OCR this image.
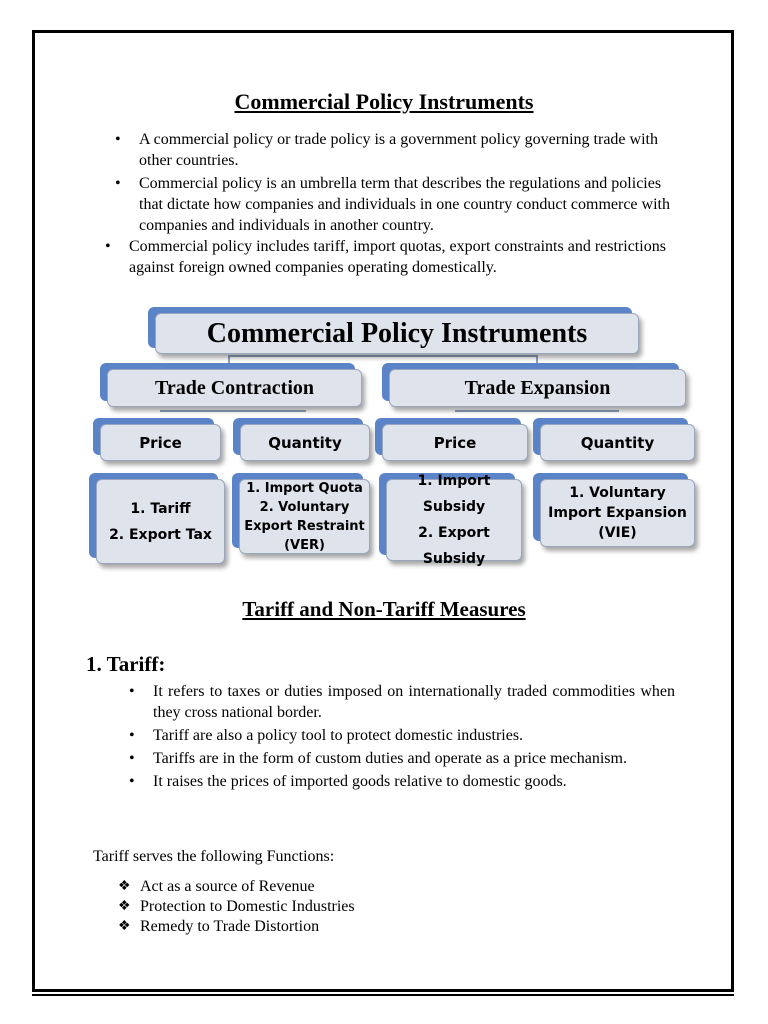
Commercial Policy Instruments
• A commercial policy or trade policy is a government policy governing trade with other countries.
• Commercial policy is an umbrella term that describes the regulations and policies that dictate how companies and individuals in one country conduct commerce with companies and individuals in another country.
• Commercial policy includes tariff, import quotas, export constraints and restrictions against foreign owned companies operating domestically.
Commercial Policy Instruments
Trade Contraction	Trade Expansion
Price	Quantity	Price	Quantity
1. Tariff
2. Export Tax
1. Import Quota
2. Voluntary
Export Restraint
(VER)
1. Import Subsidy
2. Export Subsidy
1. Voluntary
Import Expansion
(VIE)
Tariff and Non-Tariff Measures
1. Tariff:
• It refers to taxes or duties imposed on internationally traded commodities when they cross national border.
• Tariff are also a policy tool to protect domestic industries.
• Tariffs are in the form of custom duties and operate as a price mechanism.
• It raises the prices of imported goods relative to domestic goods.
Tariff serves the following Functions:
❖ Act as a source of Revenue
❖ Protection to Domestic Industries
❖ Remedy to Trade Distortion
